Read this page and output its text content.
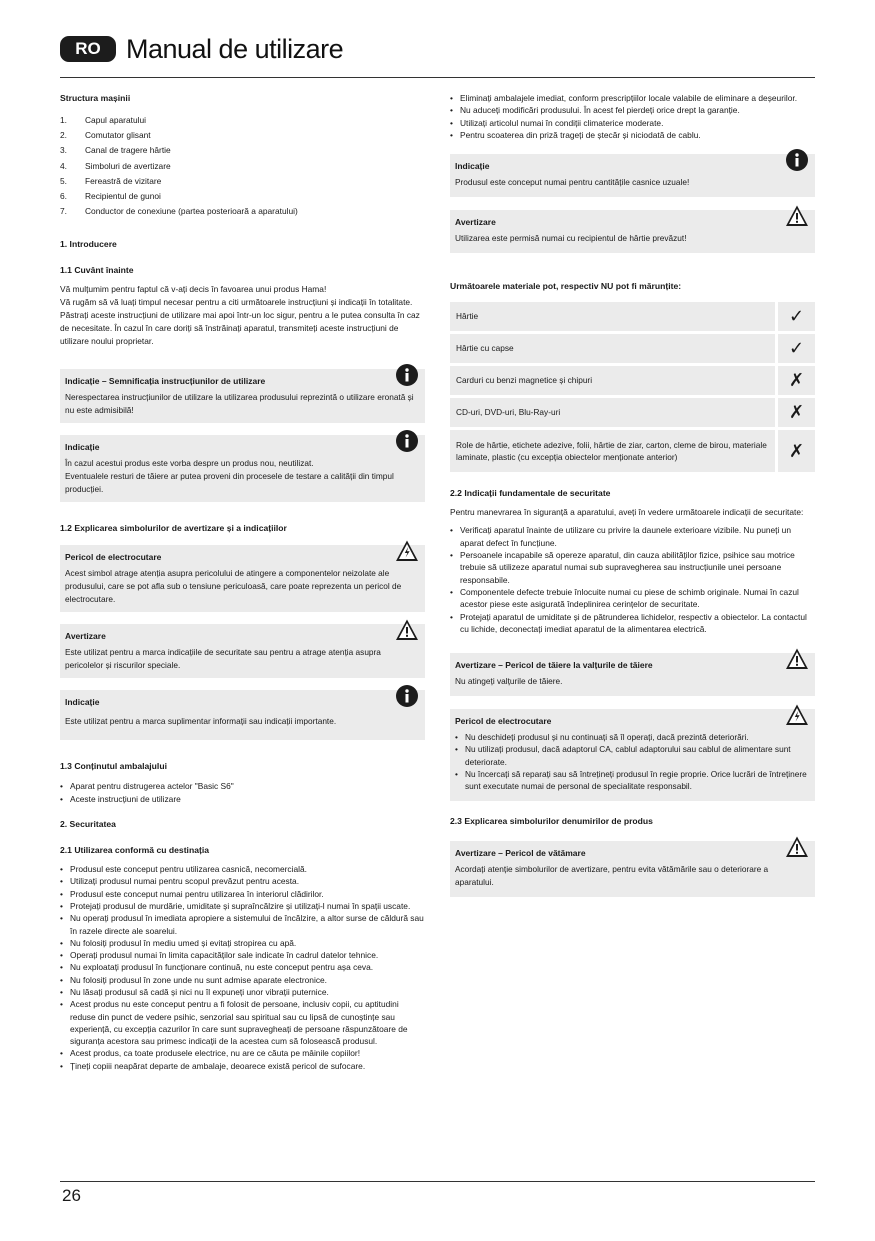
RO Manual de utilizare
Structura mașinii
1. Capul aparatului
2. Comutator glisant
3. Canal de tragere hârtie
4. Simboluri de avertizare
5. Fereastră de vizitare
6. Recipientul de gunoi
7. Conductor de conexiune (partea posterioară a aparatului)
1. Introducere
1.1 Cuvânt înainte

Vă mulțumim pentru faptul că v-ați decis în favoarea unui produs Hama!
Vă rugăm să vă luați timpul necesar pentru a citi următoarele instrucțiuni și indicații în totalitate. Păstrați aceste instrucțiuni de utilizare mai apoi într-un loc sigur, pentru a le putea consulta în caz de necesitate. În cazul în care doriți să înstrăinați aparatul, transmiteți aceste instrucțiuni de utilizare noului proprietar.

Indicație – Semnificația instrucțiunilor de utilizare
Nerespectarea instrucțiunilor de utilizare la utilizarea produsului reprezintă o utilizare eronată și nu este admisibilă!
Indicație
În cazul acestui produs este vorba despre un produs nou, neutilizat.
Eventualele resturi de tăiere ar putea proveni din procesele de testare a calității din timpul producției.
1.2 Explicarea simbolurilor de avertizare și a indicațiilor
Pericol de electrocutare
Acest simbol atrage atenția asupra pericolului de atingere a componentelor neizolate ale produsului, care se pot afla sub o tensiune periculoasă, care poate reprezenta un pericol de electrocutare.
Avertizare
Este utilizat pentru a marca indicațiile de securitate sau pentru a atrage atenția asupra pericolelor și riscurilor speciale.
Indicație
Este utilizat pentru a marca suplimentar informații sau indicații importante.
1.3 Conținutul ambalajului
• Aparat pentru distrugerea actelor "Basic S6"
• Aceste instrucțiuni de utilizare
2. Securitatea
2.1 Utilizarea conformă cu destinația
• Produsul este conceput pentru utilizarea casnică, necomercială.
• Utilizați produsul numai pentru scopul prevăzut pentru acesta.
• Produsul este conceput numai pentru utilizarea în interiorul clădirilor.
• Protejați produsul de murdărie, umiditate și supraîncălzire și utilizați-l numai în spații uscate.
• Nu operați produsul în imediata apropiere a sistemului de încălzire, a altor surse de căldură sau în razele directe ale soarelui.
• Nu folosiți produsul în mediu umed și evitați stropirea cu apă.
• Operați produsul numai în limita capacităților sale indicate în cadrul datelor tehnice.
• Nu exploatați produsul în funcționare continuă, nu este conceput pentru așa ceva.
• Nu folosiți produsul în zone unde nu sunt admise aparate electronice.
• Nu lăsați produsul să cadă și nici nu îl expuneți unor vibrații puternice.
• Acest produs nu este conceput pentru a fi folosit de persoane, inclusiv copii, cu aptitudini reduse din punct de vedere psihic, senzorial sau spiritual sau cu lipsă de cunoștințe sau experiență, cu excepția cazurilor în care sunt supravegheați de persoane răspunzătoare de siguranța acestora sau primesc indicații de la acestea cum să folosească produsul.
• Acest produs, ca toate produsele electrice, nu are ce căuta pe mâinile copiilor!
• Țineți copiii neapărat departe de ambalaje, deoarece există pericol de sufocare.
• Eliminați ambalajele imediat, conform prescripțiilor locale valabile de eliminare a deșeurilor.
• Nu aduceți modificări produsului. În acest fel pierdeți orice drept la garanție.
• Utilizați articolul numai în condiții climaterice moderate.
• Pentru scoaterea din priză trageți de ștecăr și niciodată de cablu.
Indicație
Produsul este conceput numai pentru cantitățile casnice uzuale!
Avertizare
Utilizarea este permisă numai cu recipientul de hârtie prevăzut!
Următoarele materiale pot, respectiv NU pot fi mărunțite:
Hârtie	✓
Hârtie cu capse	✓
Carduri cu benzi magnetice și chipuri	✗
CD-uri, DVD-uri, Blu-Ray-uri	✗
Role de hârtie, etichete adezive, folii, hârtie de ziar, carton, cleme de birou, materiale laminate, plastic (cu excepția obiectelor menționate anterior)	✗
2.2 Indicații fundamentale de securitate

Pentru manevrarea în siguranță a aparatului, aveți în vedere următoarele indicații de securitate:

• Verificați aparatul înainte de utilizare cu privire la daunele exterioare vizibile. Nu puneți un aparat defect în funcțiune.
• Persoanele incapabile să opereze aparatul, din cauza abilităților fizice, psihice sau motrice trebuie să utilizeze aparatul numai sub supravegherea sau instrucțiunile unei persoane responsabile.
• Componentele defecte trebuie înlocuite numai cu piese de schimb originale. Numai în cazul acestor piese este asigurată îndeplinirea cerințelor de securitate.
• Protejați aparatul de umiditate și de pătrunderea lichidelor, respectiv a obiectelor. La contactul cu lichide, deconectați imediat aparatul de la alimentarea electrică.
Avertizare – Pericol de tăiere la valțurile de tăiere
Nu atingeți valțurile de tăiere.
Pericol de electrocutare
• Nu deschideți produsul și nu continuați să îl operați, dacă prezintă deteriorări.
• Nu utilizați produsul, dacă adaptorul CA, cablul adaptorului sau cablul de alimentare sunt deteriorate.
• Nu încercați să reparați sau să întrețineți produsul în regie proprie. Orice lucrări de întreținere sunt executate numai de personal de specialitate responsabil.
2.3 Explicarea simbolurilor denumirilor de produs
Avertizare – Pericol de vătămare
Acordați atenție simbolurilor de avertizare, pentru evita vătămările sau o deteriorare a aparatului.
26
